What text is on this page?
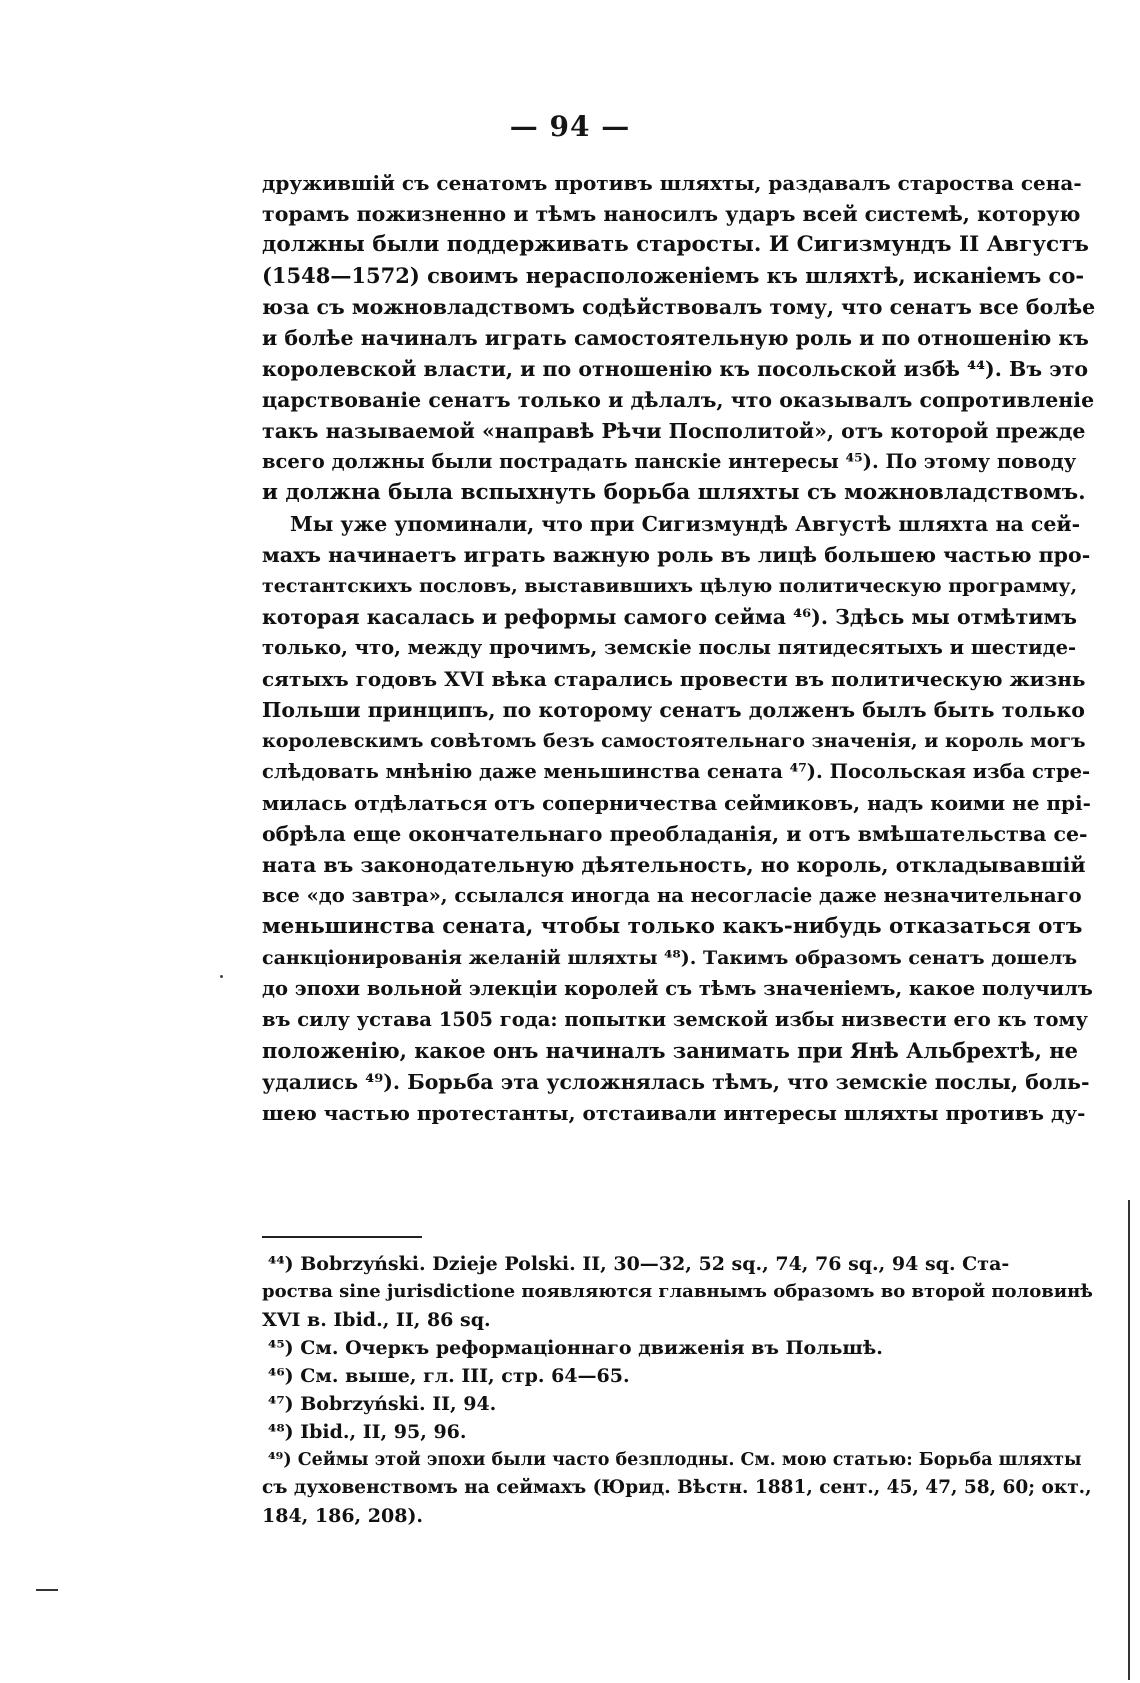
— 94 —

дружившій съ сенатомъ противъ шляхты, раздавалъ староства сена-

торамъ пожизненно и тѣмъ наносилъ ударъ всей системѣ, которую

должны были поддерживать старосты. И Сигизмундъ II Августъ

(1548—1572) своимъ нерасположеніемъ къ шляхтѣ, исканіемъ со-

юза съ можновладствомъ содѣйствовалъ тому, что сенатъ все болѣе

и болѣе начиналъ играть самостоятельную роль и по отношенію къ

королевской власти, и по отношенію къ посольской избѣ ⁴⁴). Въ это

царствованіе сенатъ только и дѣлалъ, что оказывалъ сопротивленіе

такъ называемой «направѣ Рѣчи Посполитой», отъ которой прежде

всего должны были пострадать панскіе интересы ⁴⁵). По этому поводу

и должна была вспыхнуть борьба шляхты съ можновладствомъ.

Мы уже упоминали, что при Сигизмундѣ Августѣ шляхта на сей-

махъ начинаетъ играть важную роль въ лицѣ большею частью про-

тестантскихъ пословъ, выставившихъ цѣлую политическую программу,

которая касалась и реформы самого сейма ⁴⁶). Здѣсь мы отмѣтимъ

только, что, между прочимъ, земскіе послы пятидесятыхъ и шестиде-

сятыхъ годовъ XVI вѣка старались провести въ политическую жизнь

Польши принципъ, по которому сенатъ долженъ былъ быть только

королевскимъ совѣтомъ безъ самостоятельнаго значенія, и король могъ

слѣдовать мнѣнію даже меньшинства сената ⁴⁷). Посольская изба стре-

милась отдѣлаться отъ соперничества сеймиковъ, надъ коими не прі-

обрѣла еще окончательнаго преобладанія, и отъ вмѣшательства се-

ната въ законодательную дѣятельность, но король, откладывавшій

все «до завтра», ссылался иногда на несогласіе даже незначительнаго

меньшинства сената, чтобы только какъ-нибудь отказаться отъ

санкціонированія желаній шляхты ⁴⁸). Такимъ образомъ сенатъ дошелъ

до эпохи вольной элекціи королей съ тѣмъ значеніемъ, какое получилъ

въ силу устава 1505 года: попытки земской избы низвести его къ тому

положенію, какое онъ начиналъ занимать при Янѣ Альбрехтѣ, не

удались ⁴⁹). Борьба эта усложнялась тѣмъ, что земскіе послы, боль-

шею частью протестанты, отстаивали интересы шляхты противъ ду-

⁴⁴) Bobrzyński. Dzieje Polski. II, 30—32, 52 sq., 74, 76 sq., 94 sq. Ста-

роства sine jurisdictione появляются главнымъ образомъ во второй половинѣ

XVI в. Ibid., II, 86 sq.

⁴⁵) См. Очеркъ реформаціоннаго движенія въ Польшѣ.

⁴⁶) См. выше, гл. III, стр. 64—65.

⁴⁷) Bobrzyński. II, 94.

⁴⁸) Ibid., II, 95, 96.

⁴⁹) Сеймы этой эпохи были часто безплодны. См. мою статью: Борьба шляхты

съ духовенствомъ на сеймахъ (Юрид. Вѣстн. 1881, сент., 45, 47, 58, 60; окт.,

184, 186, 208).
